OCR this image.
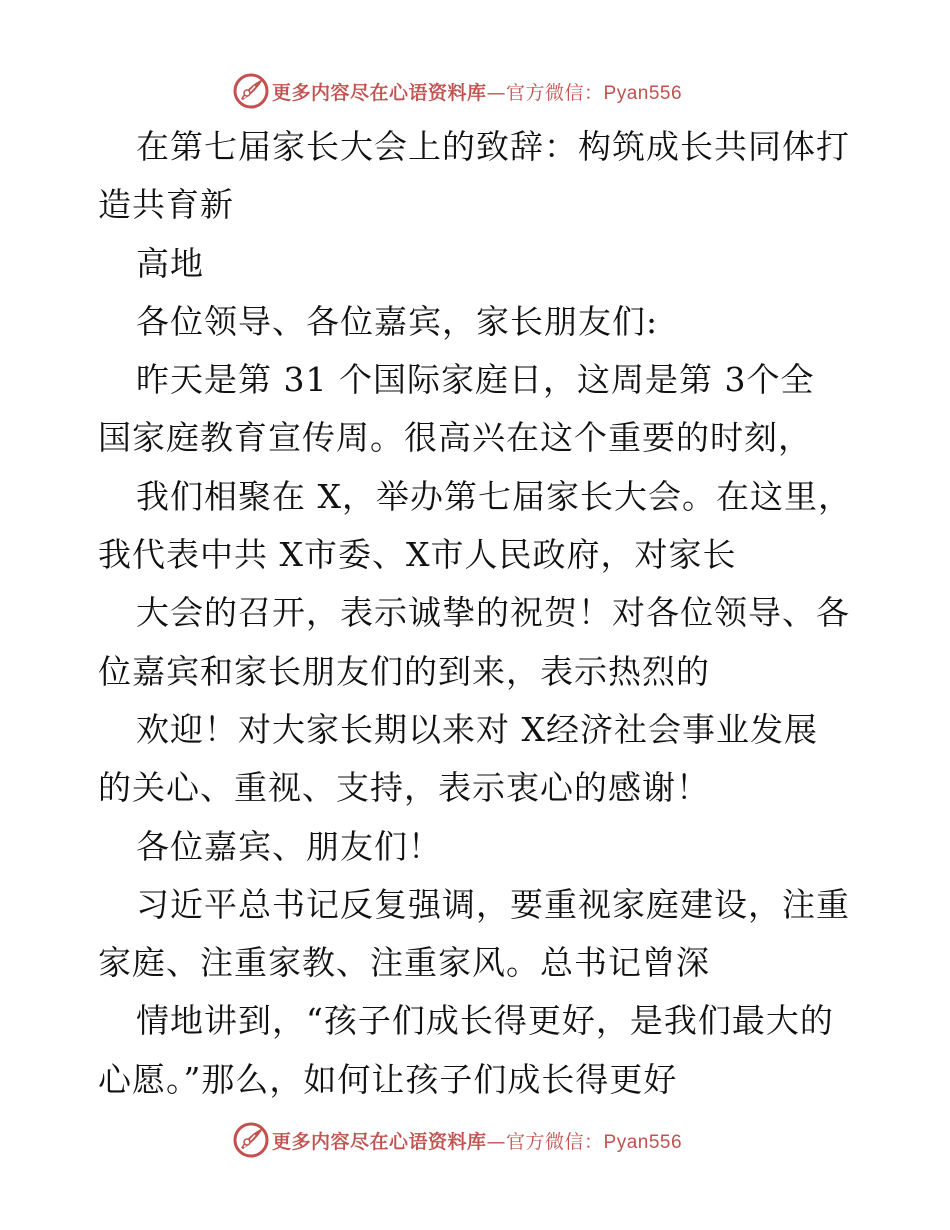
更多内容尽在心语资料库—官方微信：Pyan556
在第七届家长大会上的致辞：构筑成长共同体打
造共育新
高地
各位领导、各位嘉宾，家长朋友们:
昨天是第 31 个国际家庭日，这周是第 3个全
国家庭教育宣传周。很高兴在这个重要的时刻，
我们相聚在 X，举办第七届家长大会。在这里，
我代表中共 X市委、X市人民政府，对家长
大会的召开，表示诚挚的祝贺！对各位领导、各
位嘉宾和家长朋友们的到来，表示热烈的
欢迎！对大家长期以来对 X经济社会事业发展
的关心、重视、支持，表示衷心的感谢！
各位嘉宾、朋友们！
习近平总书记反复强调，要重视家庭建设，注重
家庭、注重家教、注重家风。总书记曾深
情地讲到，“孩子们成长得更好，是我们最大的
心愿。”那么，如何让孩子们成长得更好
更多内容尽在心语资料库—官方微信：Pyan556
